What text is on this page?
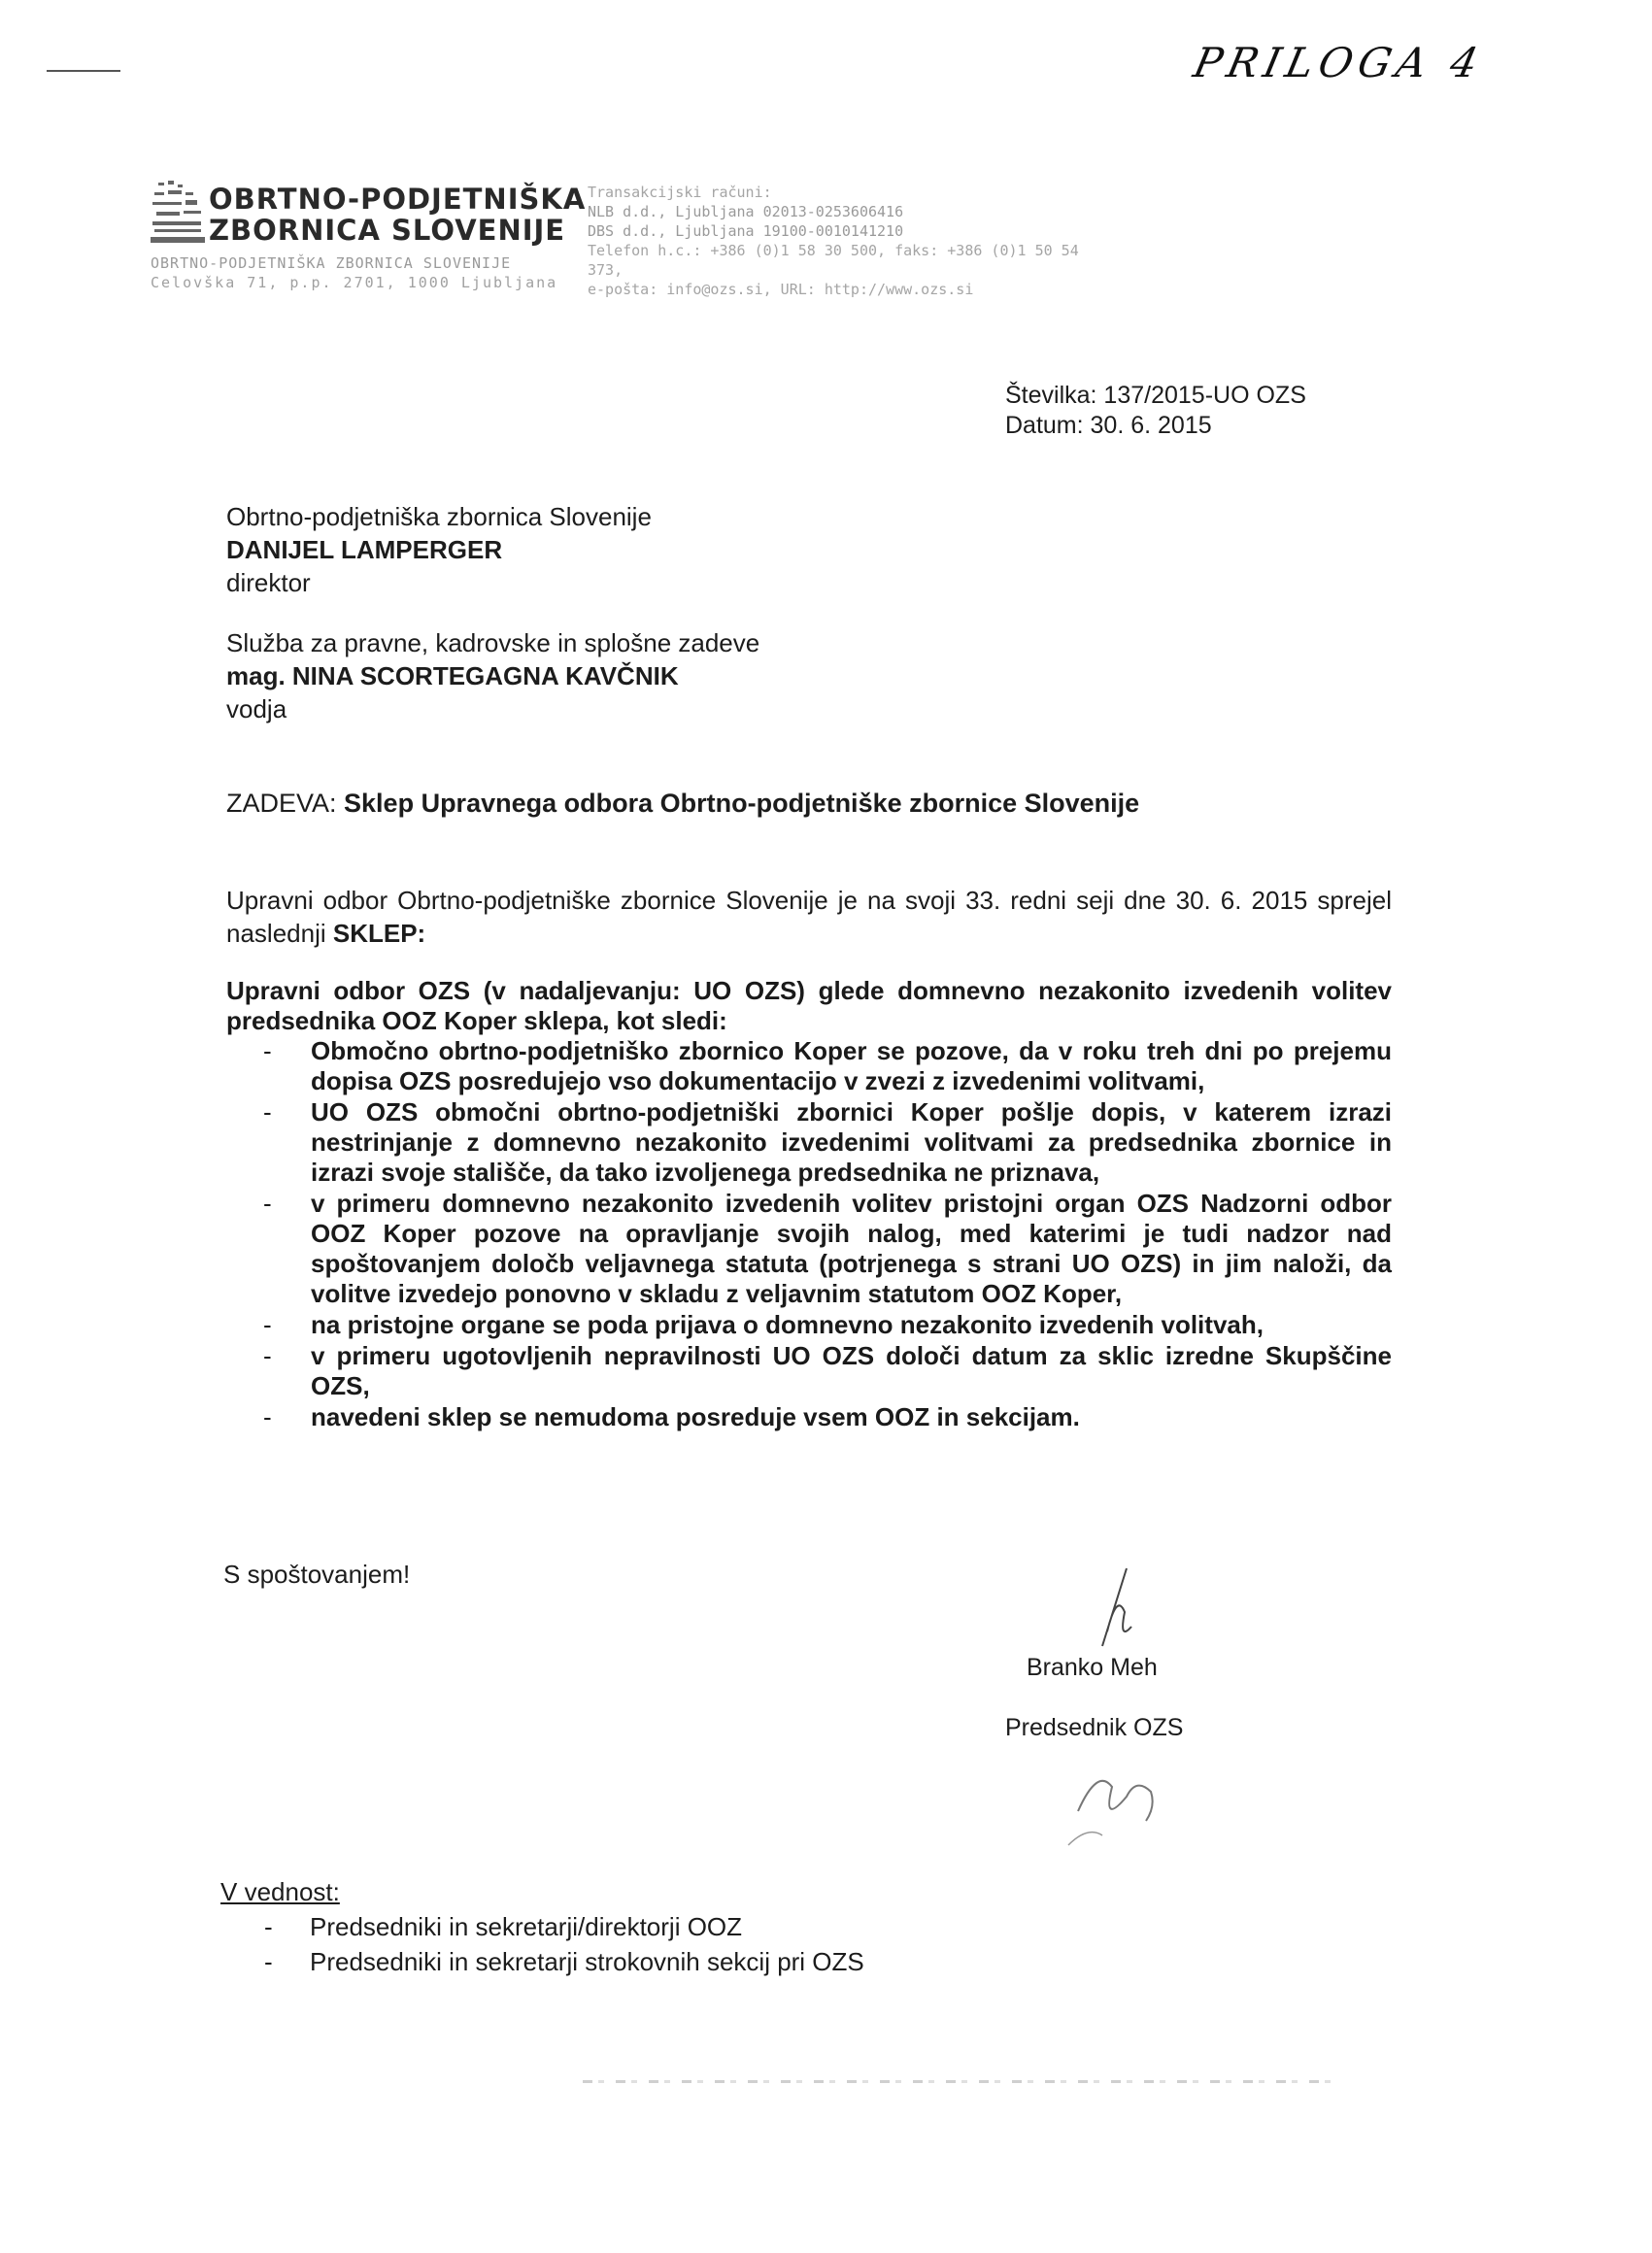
PRILOGA 4
OBRTNO-PODJETNIŠKA
ZBORNICA SLOVENIJE
OBRTNO-PODJETNIŠKA ZBORNICA SLOVENIJE
Celovška 71, p.p. 2701, 1000 Ljubljana
Transakcijski računi:
NLB d.d., Ljubljana 02013-0253606416
DBS d.d., Ljubljana 19100-0010141210
Telefon h.c.: +386 (0)1 58 30 500, faks: +386 (0)1 50 54 373,
e-pošta: info@ozs.si, URL: http://www.ozs.si
Številka: 137/2015-UO OZS
Datum: 30. 6. 2015
Obrtno-podjetniška zbornica Slovenije
DANIJEL LAMPERGER
direktor
Služba za pravne, kadrovske in splošne zadeve
mag. NINA SCORTEGAGNA KAVČNIK
vodja
ZADEVA: Sklep Upravnega odbora Obrtno-podjetniške zbornice Slovenije
Upravni odbor Obrtno-podjetniške zbornice Slovenije je na svoji 33. redni seji dne 30. 6. 2015 sprejel naslednji SKLEP:
Upravni odbor OZS (v nadaljevanju: UO OZS) glede domnevno nezakonito izvedenih volitev predsednika OOZ Koper sklepa, kot sledi:
- Območno obrtno-podjetniško zbornico Koper se pozove, da v roku treh dni po prejemu dopisa OZS posredujejo vso dokumentacijo v zvezi z izvedenimi volitvami,
- UO OZS območni obrtno-podjetniški zbornici Koper pošlje dopis, v katerem izrazi nestrinjanje z domnevno nezakonito izvedenimi volitvami za predsednika zbornice in izrazi svoje stališče, da tako izvoljenega predsednika ne priznava,
- v primeru domnevno nezakonito izvedenih volitev pristojni organ OZS Nadzorni odbor OOZ Koper pozove na opravljanje svojih nalog, med katerimi je tudi nadzor nad spoštovanjem določb veljavnega statuta (potrjenega s strani UO OZS) in jim naloži, da volitve izvedejo ponovno v skladu z veljavnim statutom OOZ Koper,
- na pristojne organe se poda prijava o domnevno nezakonito izvedenih volitvah,
- v primeru ugotovljenih nepravilnosti UO OZS določi datum za sklic izredne Skupščine OZS,
- navedeni sklep se nemudoma posreduje vsem OOZ in sekcijam.
S spoštovanjem!
Branko Meh
Predsednik OZS
V vednost:
- Predsedniki in sekretarji/direktorji OOZ
- Predsedniki in sekretarji strokovnih sekcij pri OZS
